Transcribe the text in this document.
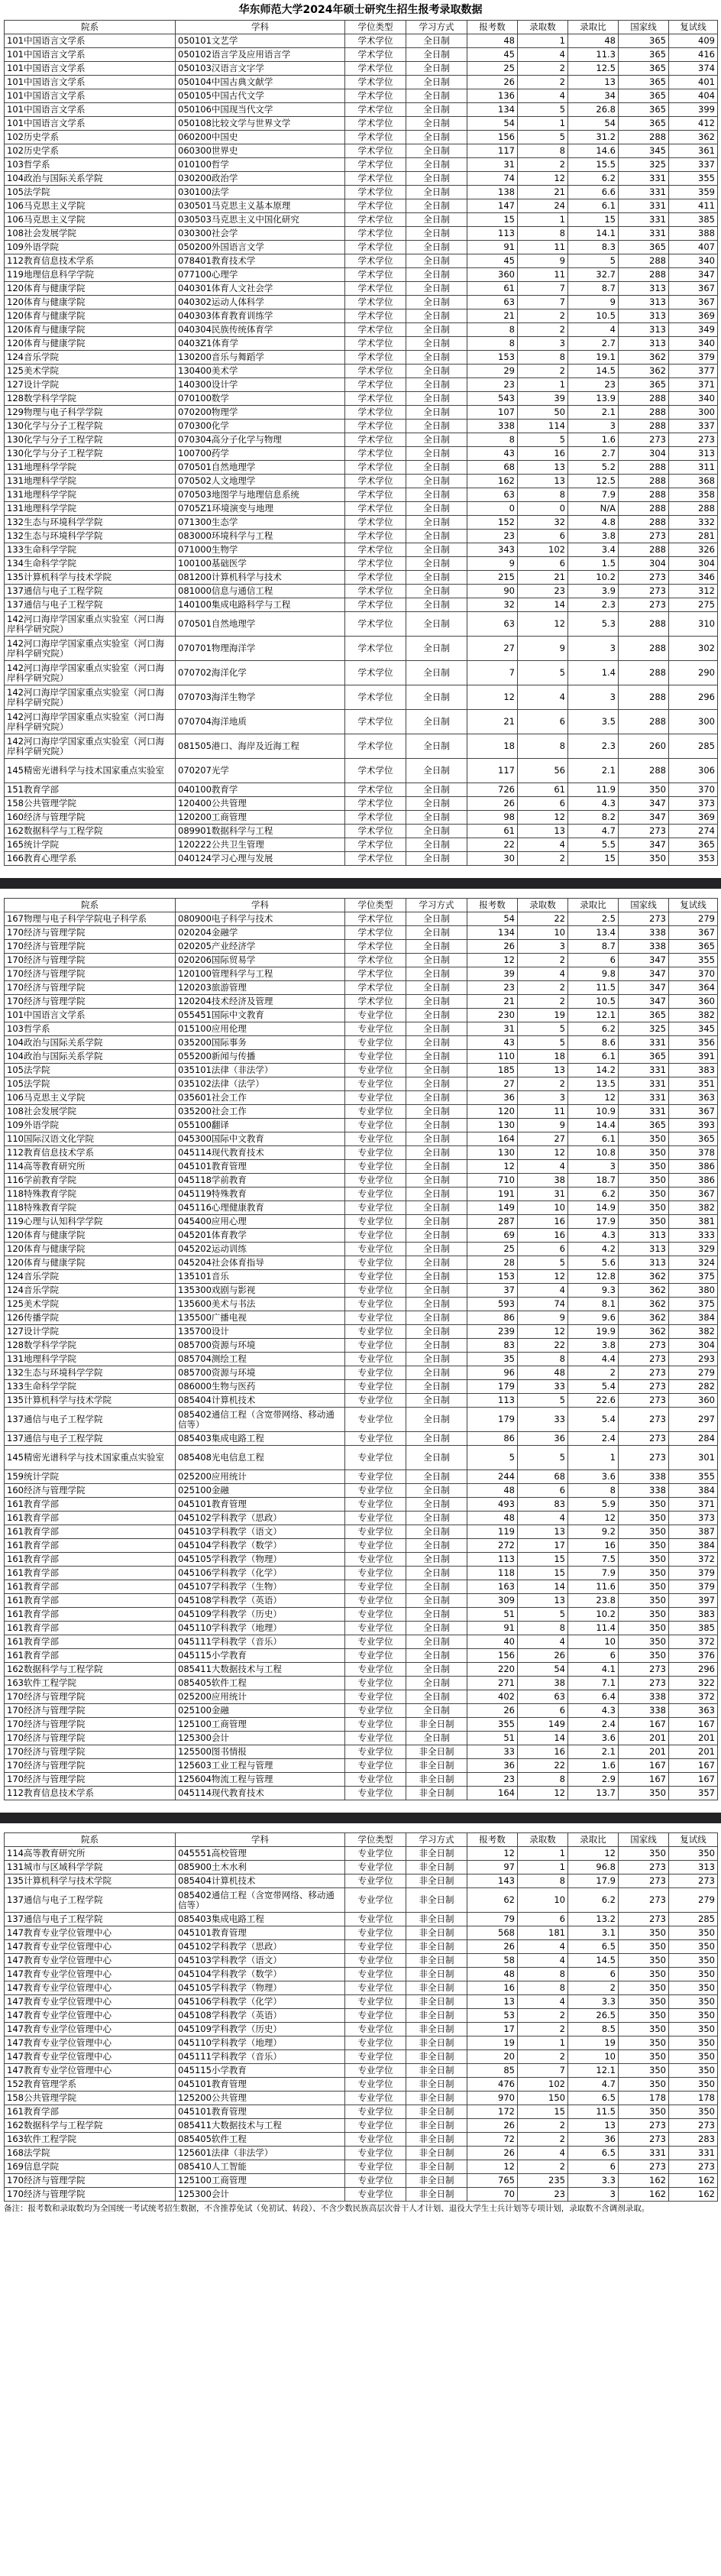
华东师范大学2024年硕士研究生招生报考录取数据
院系	学科	学位类型	学习方式	报考数	录取数	录取比	国家线	复试线
101中国语言文学系	050101文艺学	学术学位	全日制	48	1	48	365	409
101中国语言文学系	050102语言学及应用语言学	学术学位	全日制	45	4	11.3	365	416
101中国语言文学系	050103汉语言文字学	学术学位	全日制	25	2	12.5	365	374
101中国语言文学系	050104中国古典文献学	学术学位	全日制	26	2	13	365	401
101中国语言文学系	050105中国古代文学	学术学位	全日制	136	4	34	365	404
101中国语言文学系	050106中国现当代文学	学术学位	全日制	134	5	26.8	365	399
101中国语言文学系	050108比较文学与世界文学	学术学位	全日制	54	1	54	365	412
102历史学系	060200中国史	学术学位	全日制	156	5	31.2	288	362
102历史学系	060300世界史	学术学位	全日制	117	8	14.6	345	361
103哲学系	010100哲学	学术学位	全日制	31	2	15.5	325	337
104政治与国际关系学院	030200政治学	学术学位	全日制	74	12	6.2	331	355
105法学院	030100法学	学术学位	全日制	138	21	6.6	331	359
106马克思主义学院	030501马克思主义基本原理	学术学位	全日制	147	24	6.1	331	411
106马克思主义学院	030503马克思主义中国化研究	学术学位	全日制	15	1	15	331	385
108社会发展学院	030300社会学	学术学位	全日制	113	8	14.1	331	388
109外语学院	050200外国语言文学	学术学位	全日制	91	11	8.3	365	407
112教育信息技术学系	078401教育技术学	学术学位	全日制	45	9	5	288	340
119地理信息科学学院	077100心理学	学术学位	全日制	360	11	32.7	288	347
120体育与健康学院	040301体育人文社会学	学术学位	全日制	61	7	8.7	313	367
120体育与健康学院	040302运动人体科学	学术学位	全日制	63	7	9	313	367
120体育与健康学院	040303体育教育训练学	学术学位	全日制	21	2	10.5	313	369
120体育与健康学院	040304民族传统体育学	学术学位	全日制	8	2	4	313	349
120体育与健康学院	0403Z1体育学	学术学位	全日制	8	3	2.7	313	340
124音乐学院	130200音乐与舞蹈学	学术学位	全日制	153	8	19.1	362	379
125美术学院	130400美术学	学术学位	全日制	29	2	14.5	362	377
127设计学院	140300设计学	学术学位	全日制	23	1	23	365	371
128数学科学学院	070100数学	学术学位	全日制	543	39	13.9	288	340
129物理与电子科学学院	070200物理学	学术学位	全日制	107	50	2.1	288	300
130化学与分子工程学院	070300化学	学术学位	全日制	338	114	3	288	337
130化学与分子工程学院	070304高分子化学与物理	学术学位	全日制	8	5	1.6	273	273
130化学与分子工程学院	100700药学	学术学位	全日制	43	16	2.7	304	313
131地理科学学院	070501自然地理学	学术学位	全日制	68	13	5.2	288	311
131地理科学学院	070502人文地理学	学术学位	全日制	162	13	12.5	288	368
131地理科学学院	070503地图学与地理信息系统	学术学位	全日制	63	8	7.9	288	358
131地理科学学院	0705Z1环境演变与地理	学术学位	全日制	0	0	N/A	288	288
132生态与环境科学学院	071300生态学	学术学位	全日制	152	32	4.8	288	332
132生态与环境科学学院	083000环境科学与工程	学术学位	全日制	23	6	3.8	273	281
133生命科学学院	071000生物学	学术学位	全日制	343	102	3.4	288	326
134生命科学学院	100100基础医学	学术学位	全日制	9	6	1.5	304	304
135计算机科学与技术学院	081200计算机科学与技术	学术学位	全日制	215	21	10.2	273	346
137通信与电子工程学院	081000信息与通信工程	学术学位	全日制	90	23	3.9	273	312
137通信与电子工程学院	140100集成电路科学与工程	学术学位	全日制	32	14	2.3	273	275
142河口海岸学国家重点实验室（河口海岸科学研究院）	070501自然地理学	学术学位	全日制	63	12	5.3	288	310
142河口海岸学国家重点实验室（河口海岸科学研究院）	070701物理海洋学	学术学位	全日制	27	9	3	288	302
142河口海岸学国家重点实验室（河口海岸科学研究院）	070702海洋化学	学术学位	全日制	7	5	1.4	288	290
142河口海岸学国家重点实验室（河口海岸科学研究院）	070703海洋生物学	学术学位	全日制	12	4	3	288	296
142河口海岸学国家重点实验室（河口海岸科学研究院）	070704海洋地质	学术学位	全日制	21	6	3.5	288	300
142河口海岸学国家重点实验室（河口海岸科学研究院）	081505港口、海岸及近海工程	学术学位	全日制	18	8	2.3	260	285
145精密光谱科学与技术国家重点实验室	070207光学	学术学位	全日制	117	56	2.1	288	306
151教育学部	040100教育学	学术学位	全日制	726	61	11.9	350	370
158公共管理学院	120400公共管理	学术学位	全日制	26	6	4.3	347	373
160经济与管理学院	120200工商管理	学术学位	全日制	98	12	8.2	347	369
162数据科学与工程学院	089901数据科学与工程	学术学位	全日制	61	13	4.7	273	274
165统计学院	120222公共卫生管理	学术学位	全日制	22	4	5.5	347	365
166教育心理学系	040124学习心理与发展	学术学位	全日制	30	2	15	350	353
院系	学科	学位类型	学习方式	报考数	录取数	录取比	国家线	复试线
167物理与电子科学学院电子科学系	080900电子科学与技术	学术学位	全日制	54	22	2.5	273	279
170经济与管理学院	020204金融学	学术学位	全日制	134	10	13.4	338	367
170经济与管理学院	020205产业经济学	学术学位	全日制	26	3	8.7	338	365
170经济与管理学院	020206国际贸易学	学术学位	全日制	12	2	6	347	355
170经济与管理学院	120100管理科学与工程	学术学位	全日制	39	4	9.8	347	370
170经济与管理学院	120203旅游管理	学术学位	全日制	23	2	11.5	347	364
170经济与管理学院	120204技术经济及管理	学术学位	全日制	21	2	10.5	347	360
101中国语言文学系	055451国际中文教育	专业学位	全日制	230	19	12.1	365	382
103哲学系	015100应用伦理	专业学位	全日制	31	5	6.2	325	345
104政治与国际关系学院	035200国际事务	专业学位	全日制	43	5	8.6	331	356
104政治与国际关系学院	055200新闻与传播	专业学位	全日制	110	18	6.1	365	391
105法学院	035101法律（非法学）	专业学位	全日制	185	13	14.2	331	383
105法学院	035102法律（法学）	专业学位	全日制	27	2	13.5	331	351
106马克思主义学院	035601社会工作	专业学位	全日制	36	3	12	331	363
108社会发展学院	035200社会工作	专业学位	全日制	120	11	10.9	331	367
109外语学院	055100翻译	专业学位	全日制	130	9	14.4	365	393
110国际汉语文化学院	045300国际中文教育	专业学位	全日制	164	27	6.1	350	365
112教育信息技术学系	045114现代教育技术	专业学位	全日制	130	12	10.8	350	378
114高等教育研究所	045101教育管理	专业学位	全日制	12	4	3	350	386
116学前教育学院	045118学前教育	专业学位	全日制	710	38	18.7	350	386
118特殊教育学院	045119特殊教育	专业学位	全日制	191	31	6.2	350	367
118特殊教育学院	045116心理健康教育	专业学位	全日制	149	10	14.9	350	382
119心理与认知科学学院	045400应用心理	专业学位	全日制	287	16	17.9	350	381
120体育与健康学院	045201体育教学	专业学位	全日制	69	16	4.3	313	333
120体育与健康学院	045202运动训练	专业学位	全日制	25	6	4.2	313	329
120体育与健康学院	045204社会体育指导	专业学位	全日制	28	5	5.6	313	324
124音乐学院	135101音乐	专业学位	全日制	153	12	12.8	362	375
124音乐学院	135300戏剧与影视	专业学位	全日制	37	4	9.3	362	380
125美术学院	135600美术与书法	专业学位	全日制	593	74	8.1	362	375
126传播学院	135500广播电视	专业学位	全日制	86	9	9.6	362	384
127设计学院	135700设计	专业学位	全日制	239	12	19.9	362	382
128数学科学学院	085700资源与环境	专业学位	全日制	83	22	3.8	273	304
131地理科学学院	085704测绘工程	专业学位	全日制	35	8	4.4	273	293
132生态与环境科学学院	085700资源与环境	专业学位	全日制	96	48	2	273	279
133生命科学学院	086000生物与医药	专业学位	全日制	179	33	5.4	273	282
135计算机科学与技术学院	085404计算机技术	专业学位	全日制	113	5	22.6	273	360
137通信与电子工程学院	085402通信工程（含宽带网络、移动通信等）	专业学位	全日制	179	33	5.4	273	297
137通信与电子工程学院	085403集成电路工程	专业学位	全日制	86	36	2.4	273	284
145精密光谱科学与技术国家重点实验室	085408光电信息工程	专业学位	全日制	5	5	1	273	301
159统计学院	025200应用统计	专业学位	全日制	244	68	3.6	338	355
160经济与管理学院	025100金融	专业学位	全日制	48	6	8	338	384
161教育学部	045101教育管理	专业学位	全日制	493	83	5.9	350	371
161教育学部	045102学科教学（思政）	专业学位	全日制	48	4	12	350	373
161教育学部	045103学科教学（语文）	专业学位	全日制	119	13	9.2	350	387
161教育学部	045104学科教学（数学）	专业学位	全日制	272	17	16	350	384
161教育学部	045105学科教学（物理）	专业学位	全日制	113	15	7.5	350	372
161教育学部	045106学科教学（化学）	专业学位	全日制	118	15	7.9	350	379
161教育学部	045107学科教学（生物）	专业学位	全日制	163	14	11.6	350	379
161教育学部	045108学科教学（英语）	专业学位	全日制	309	13	23.8	350	397
161教育学部	045109学科教学（历史）	专业学位	全日制	51	5	10.2	350	383
161教育学部	045110学科教学（地理）	专业学位	全日制	91	8	11.4	350	385
161教育学部	045111学科教学（音乐）	专业学位	全日制	40	4	10	350	372
161教育学部	045115小学教育	专业学位	全日制	156	26	6	350	376
162数据科学与工程学院	085411大数据技术与工程	专业学位	全日制	220	54	4.1	273	296
163软件工程学院	085405软件工程	专业学位	全日制	271	38	7.1	273	322
170经济与管理学院	025200应用统计	专业学位	全日制	402	63	6.4	338	372
170经济与管理学院	025100金融	专业学位	全日制	26	6	4.3	338	363
170经济与管理学院	125100工商管理	专业学位	非全日制	355	149	2.4	167	167
170经济与管理学院	125300会计	专业学位	全日制	51	14	3.6	201	201
170经济与管理学院	125500图书情报	专业学位	非全日制	33	16	2.1	201	201
170经济与管理学院	125603工业工程与管理	专业学位	非全日制	36	22	1.6	167	167
170经济与管理学院	125604物流工程与管理	专业学位	非全日制	23	8	2.9	167	167
112教育信息技术学系	045114现代教育技术	专业学位	非全日制	164	12	13.7	350	357
院系	学科	学位类型	学习方式	报考数	录取数	录取比	国家线	复试线
114高等教育研究所	045551高校管理	专业学位	非全日制	12	1	12	350	350
131城市与区域科学学院	085900土木水利	专业学位	非全日制	97	1	96.8	273	313
135计算机科学与技术学院	085404计算机技术	专业学位	非全日制	143	8	17.9	273	273
137通信与电子工程学院	085402通信工程（含宽带网络、移动通信等）	专业学位	非全日制	62	10	6.2	273	279
137通信与电子工程学院	085403集成电路工程	专业学位	非全日制	79	6	13.2	273	285
147教育专业学位管理中心	045101教育管理	专业学位	非全日制	568	181	3.1	350	350
147教育专业学位管理中心	045102学科教学（思政）	专业学位	非全日制	26	4	6.5	350	350
147教育专业学位管理中心	045103学科教学（语文）	专业学位	非全日制	58	4	14.5	350	350
147教育专业学位管理中心	045104学科教学（数学）	专业学位	非全日制	48	8	6	350	350
147教育专业学位管理中心	045105学科教学（物理）	专业学位	非全日制	16	8	2	350	350
147教育专业学位管理中心	045106学科教学（化学）	专业学位	非全日制	13	4	3.3	350	350
147教育专业学位管理中心	045108学科教学（英语）	专业学位	非全日制	53	2	26.5	350	350
147教育专业学位管理中心	045109学科教学（历史）	专业学位	非全日制	17	2	8.5	350	350
147教育专业学位管理中心	045110学科教学（地理）	专业学位	非全日制	19	1	19	350	350
147教育专业学位管理中心	045111学科教学（音乐）	专业学位	非全日制	20	2	10	350	350
147教育专业学位管理中心	045115小学教育	专业学位	非全日制	85	7	12.1	350	350
152教育管理学系	045101教育管理	专业学位	非全日制	476	102	4.7	350	350
158公共管理学院	125200公共管理	专业学位	非全日制	970	150	6.5	178	178
161教育学部	045101教育管理	专业学位	非全日制	172	15	11.5	350	350
162数据科学与工程学院	085411大数据技术与工程	专业学位	非全日制	26	2	13	273	273
163软件工程学院	085405软件工程	专业学位	非全日制	72	2	36	273	283
168法学院	125601法律（非法学）	专业学位	非全日制	26	4	6.5	331	331
169信息学院	085410人工智能	专业学位	非全日制	12	2	6	273	273
170经济与管理学院	125100工商管理	专业学位	非全日制	765	235	3.3	162	162
170经济与管理学院	125300会计	专业学位	非全日制	70	23	3	162	162
备注：报考数和录取数均为全国统一考试统考招生数据，不含推荐免试（免初试、转段）、不含少数民族高层次骨干人才计划、退役大学生士兵计划等专项计划，录取数不含调剂录取。
